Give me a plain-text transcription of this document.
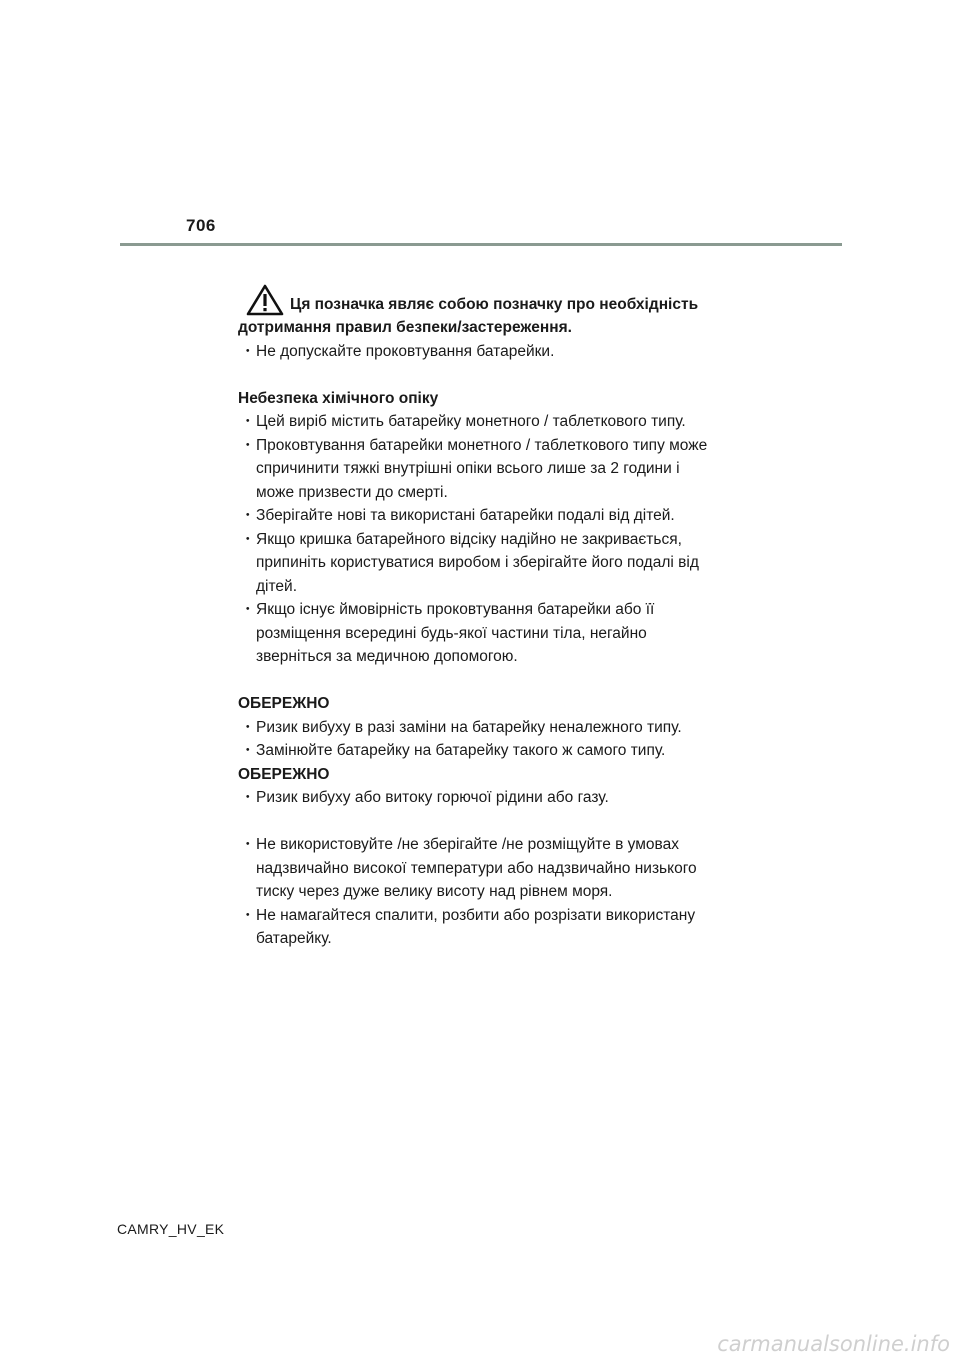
706
Ця позначка являє собою позначку про необхідність
дотримання правил безпеки/застереження.
・ Не допускайте проковтування батарейки.
Небезпека хімічного опіку
・ Цей виріб містить батарейку монетного / таблеткового типу.
・ Проковтування батарейки монетного / таблеткового типу може
спричинити тяжкі внутрішні опіки всього лише за 2 години і
може призвести до смерті.
・ Зберігайте нові та використані батарейки подалі від дітей.
・ Якщо кришка батарейного відсіку надійно не закривається,
припиніть користуватися виробом і зберігайте його подалі від
дітей.
・ Якщо існує ймовірність проковтування батарейки або її
розміщення всередині будь-якої частини тіла, негайно
зверніться за медичною допомогою.
ОБЕРЕЖНО
・ Ризик вибуху в разі заміни на батарейку неналежного типу.
・ Замінюйте батарейку на батарейку такого ж самого типу.
ОБЕРЕЖНО
・ Ризик вибуху або витоку горючої рідини або газу.
・ Не використовуйте /не зберігайте /не розміщуйте в умовах
надзвичайно високої температури або надзвичайно низького
тиску через дуже велику висоту над рівнем моря.
・ Не намагайтеся спалити, розбити або розрізати використану
батарейку.
CAMRY_HV_EK
carmanualsonline.info
